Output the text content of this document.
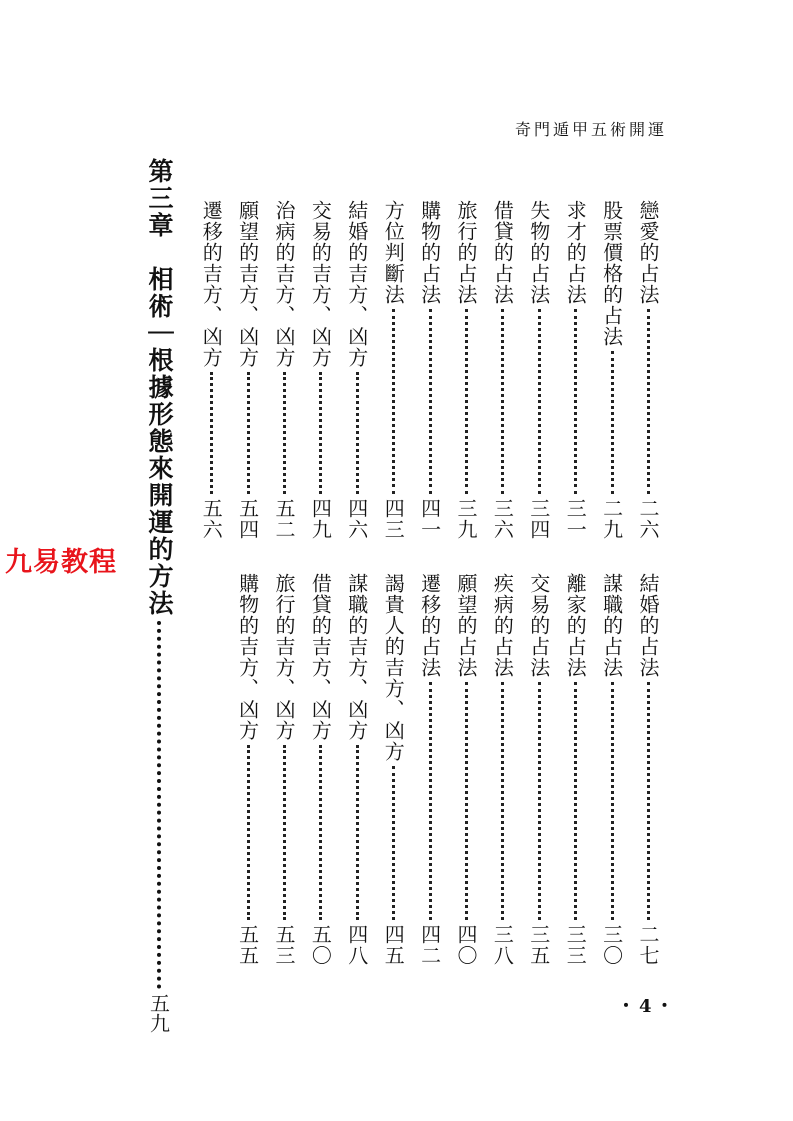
奇門遁甲五術開運
戀愛的占法
二六
股票價格的占法
二九
求才的占法
三一
失物的占法
三四
借貸的占法
三六
旅行的占法
三九
購物的占法
四一
方位判斷法
四三
結婚的吉方、凶方
四六
交易的吉方、凶方
四九
治病的吉方、凶方
五二
願望的吉方、凶方
五四
遷移的吉方、凶方
五六
結婚的占法
二七
謀職的占法
三〇
離家的占法
三三
交易的占法
三五
疾病的占法
三八
願望的占法
四〇
遷移的占法
四二
謁貴人的吉方、凶方
四五
謀職的吉方、凶方
四八
借貸的吉方、凶方
五〇
旅行的吉方、凶方
五三
購物的吉方、凶方
五五
第三章　相術｜根據形態來開運的方法
五九
九易教程
・4・
